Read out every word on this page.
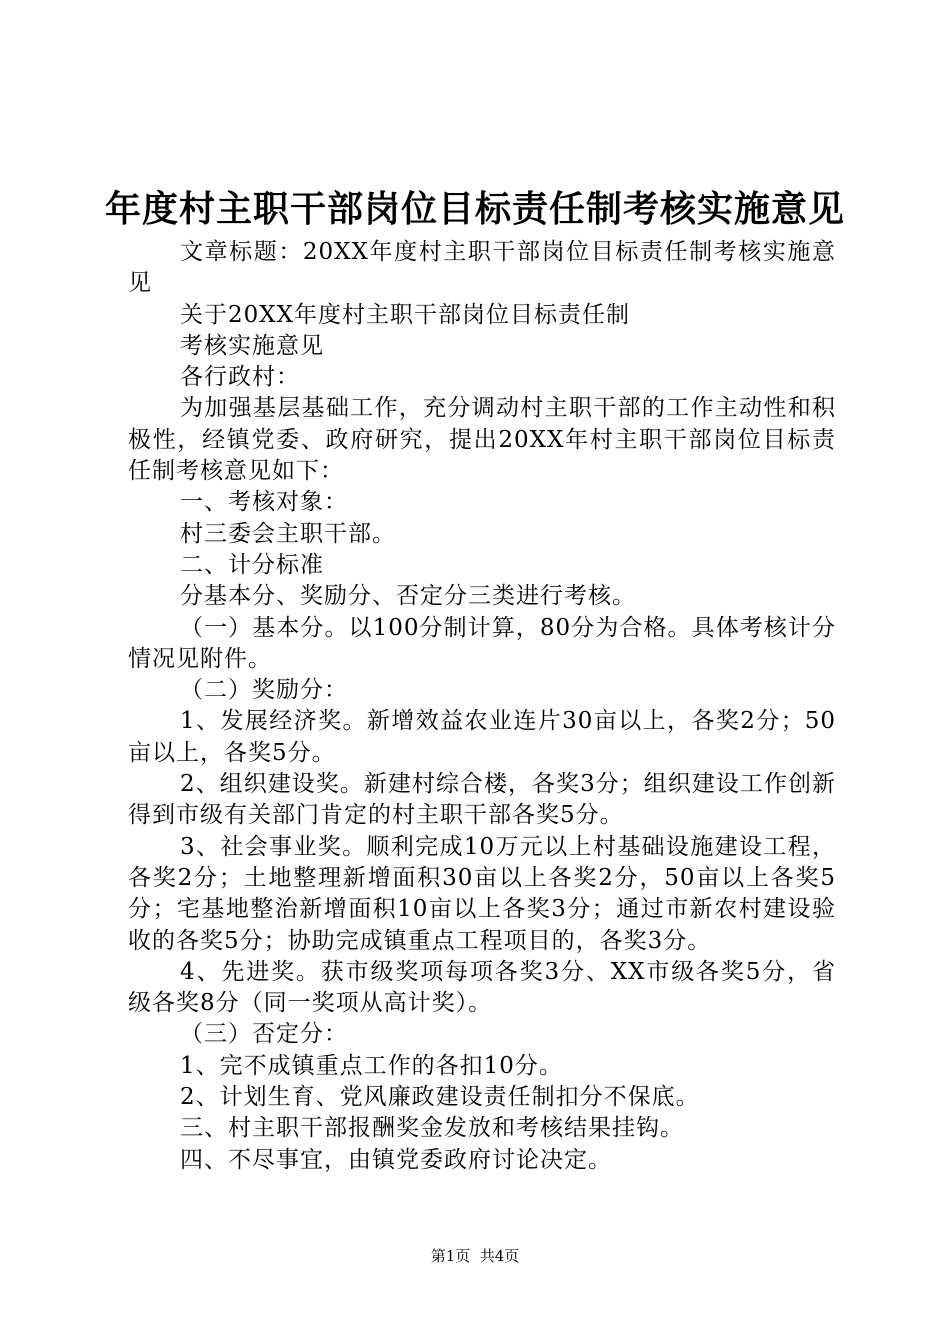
年度村主职干部岗位目标责任制考核实施意见

文章标题：20XX年度村主职干部岗位目标责任制考核实施意见

关于20XX年度村主职干部岗位目标责任制

考核实施意见

各行政村：

为加强基层基础工作，充分调动村主职干部的工作主动性和积极性，经镇党委、政府研究，提出20XX年村主职干部岗位目标责任制考核意见如下：

一、考核对象：

村三委会主职干部。

二、计分标准

分基本分、奖励分、否定分三类进行考核。

（一）基本分。以100分制计算，80分为合格。具体考核计分情况见附件。

（二）奖励分：

1、发展经济奖。新增效益农业连片30亩以上，各奖2分；50亩以上，各奖5分。

2、组织建设奖。新建村综合楼，各奖3分；组织建设工作创新得到市级有关部门肯定的村主职干部各奖5分。

3、社会事业奖。顺利完成10万元以上村基础设施建设工程，各奖2分；土地整理新增面积30亩以上各奖2分，50亩以上各奖5分；宅基地整治新增面积10亩以上各奖3分；通过市新农村建设验收的各奖5分；协助完成镇重点工程项目的，各奖3分。

4、先进奖。获市级奖项每项各奖3分、XX市级各奖5分，省级各奖8分（同一奖项从高计奖）。

（三）否定分：

1、完不成镇重点工作的各扣10分。

2、计划生育、党风廉政建设责任制扣分不保底。

三、村主职干部报酬奖金发放和考核结果挂钩。

四、不尽事宜，由镇党委政府讨论决定。

第1页  共4页
